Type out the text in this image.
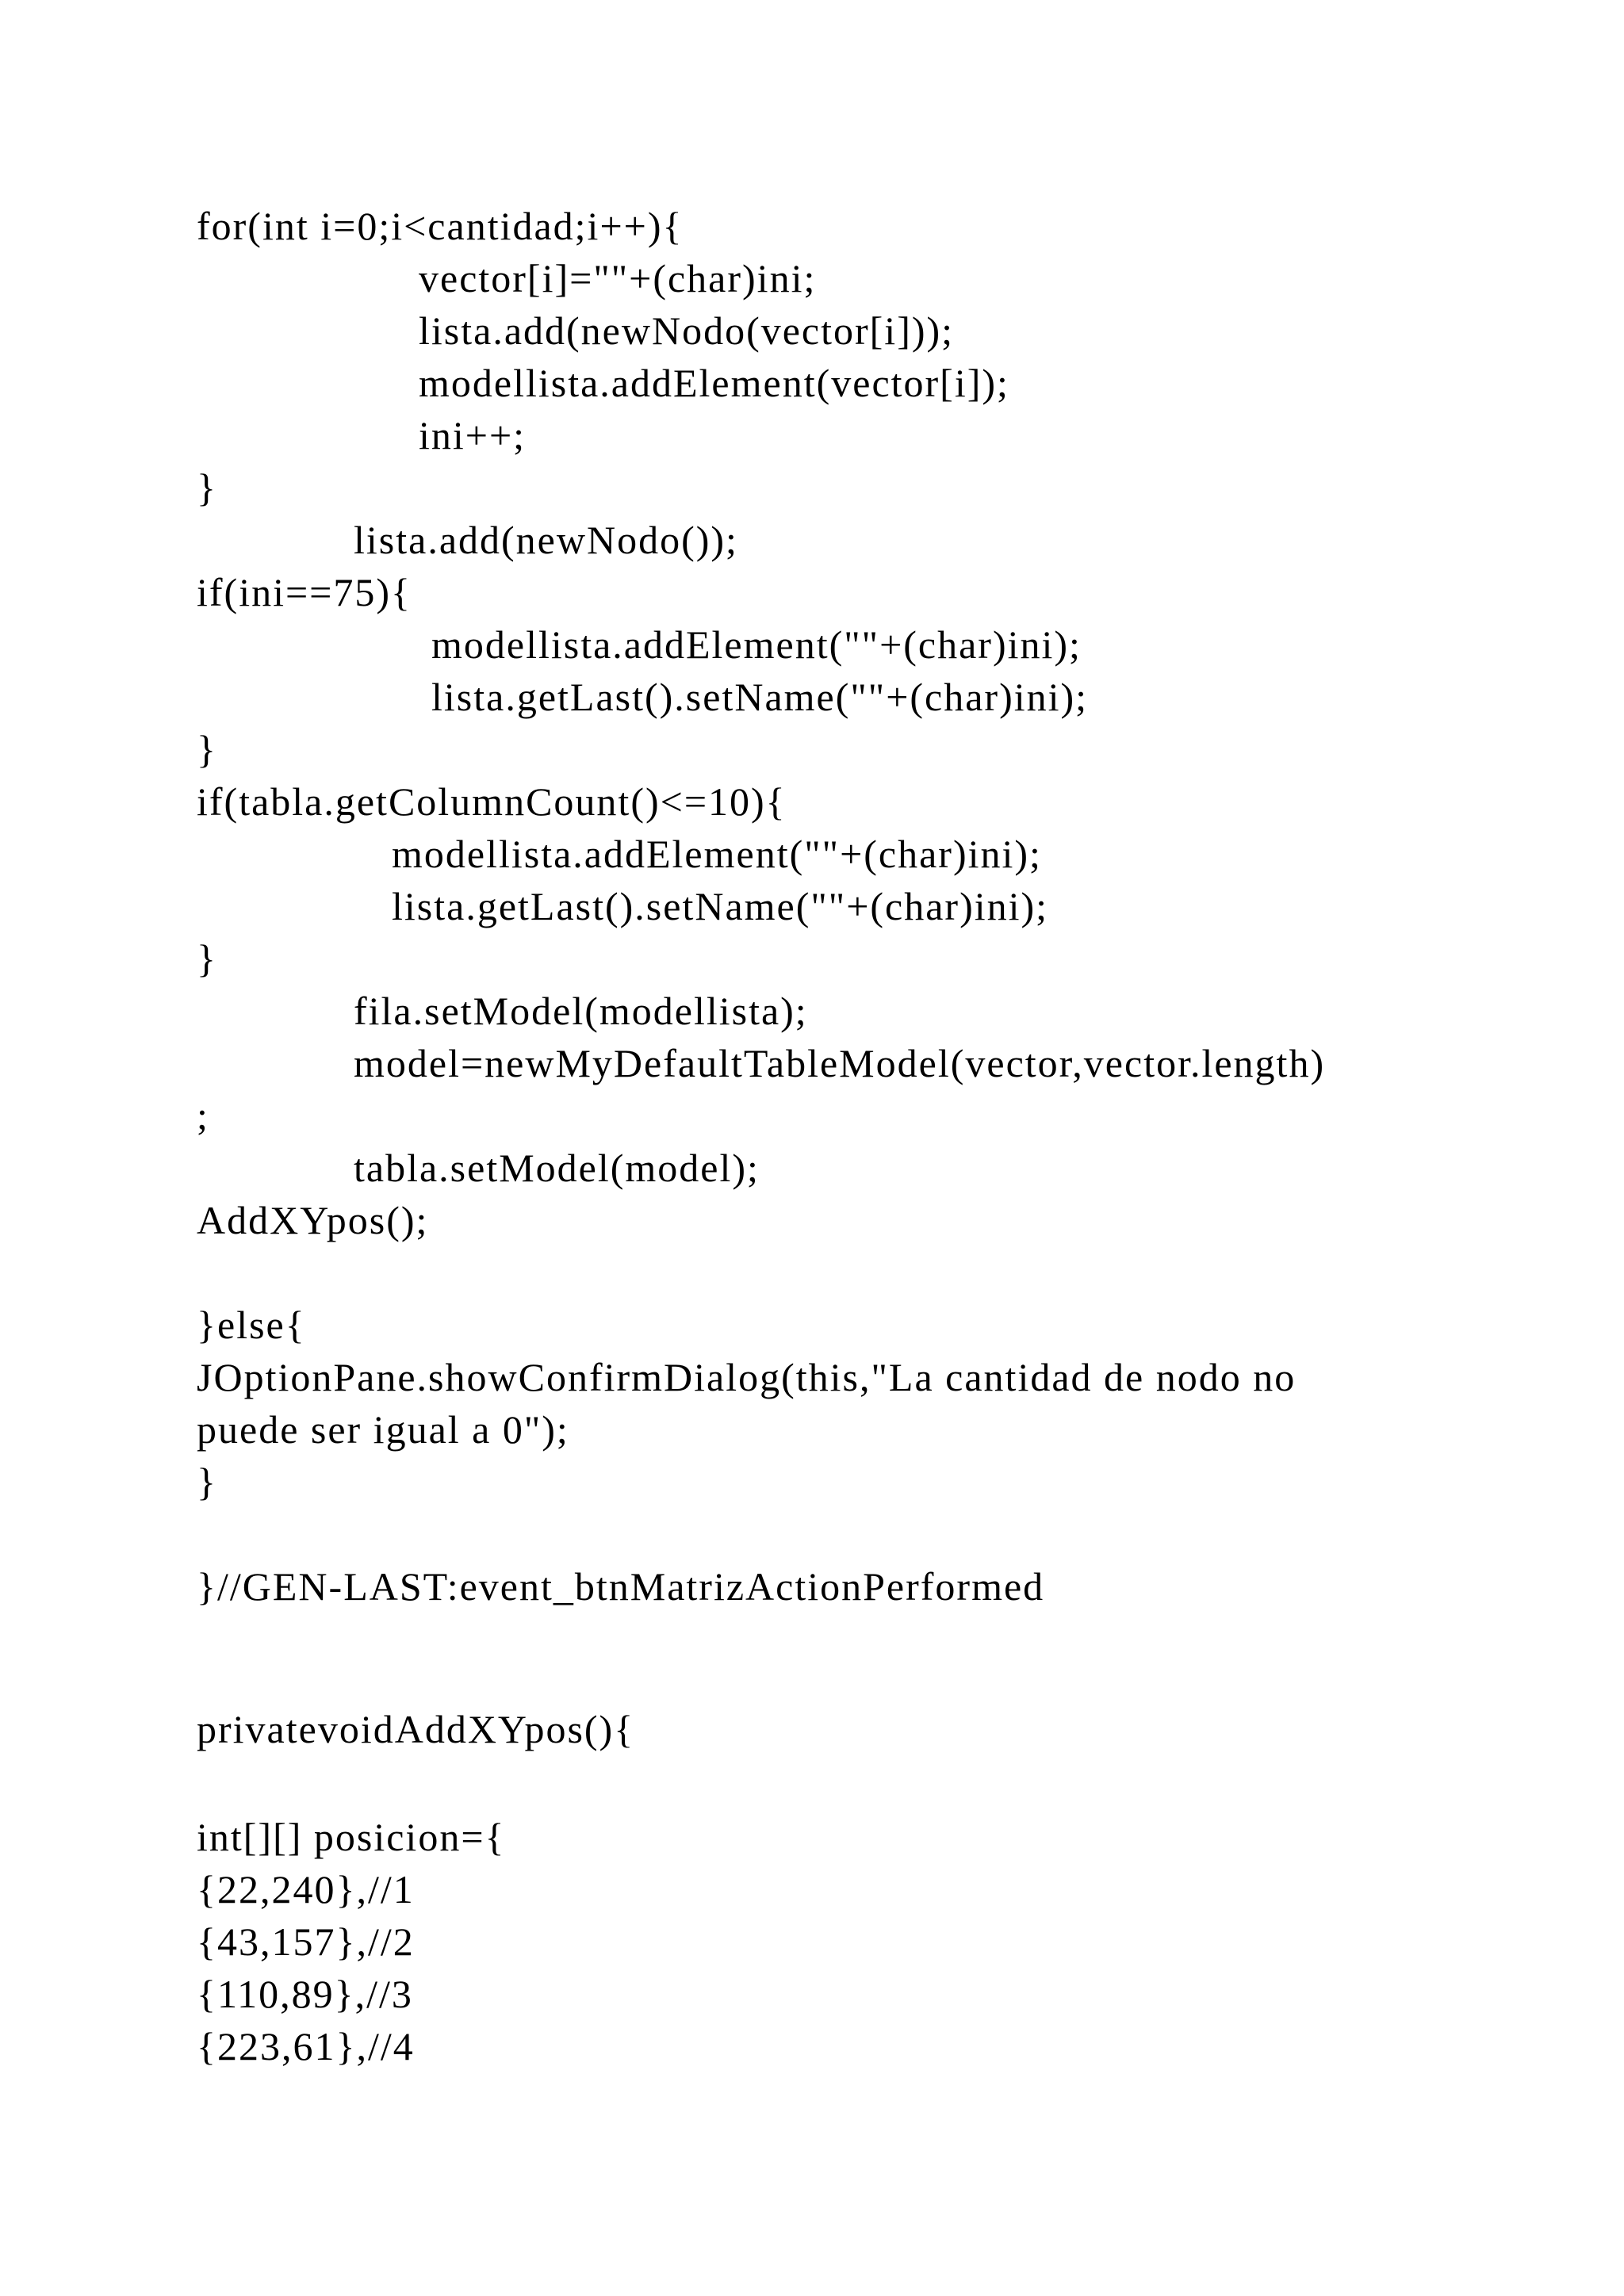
for(int i=0;i<cantidad;i++){
vector[i]=""+(char)ini;
lista.add(newNodo(vector[i]));
modellista.addElement(vector[i]);
ini++;
}
lista.add(newNodo());
if(ini==75){
modellista.addElement(""+(char)ini);
lista.getLast().setName(""+(char)ini);
}
if(tabla.getColumnCount()<=10){
modellista.addElement(""+(char)ini);
lista.getLast().setName(""+(char)ini);
}
fila.setModel(modellista);
model=newMyDefaultTableModel(vector,vector.length)
;
tabla.setModel(model);
AddXYpos();
}else{
JOptionPane.showConfirmDialog(this,"La cantidad de nodo no
puede ser igual a 0");
}
}//GEN-LAST:event_btnMatrizActionPerformed
privatevoidAddXYpos(){
int[][] posicion={
{22,240},//1
{43,157},//2
{110,89},//3
{223,61},//4
